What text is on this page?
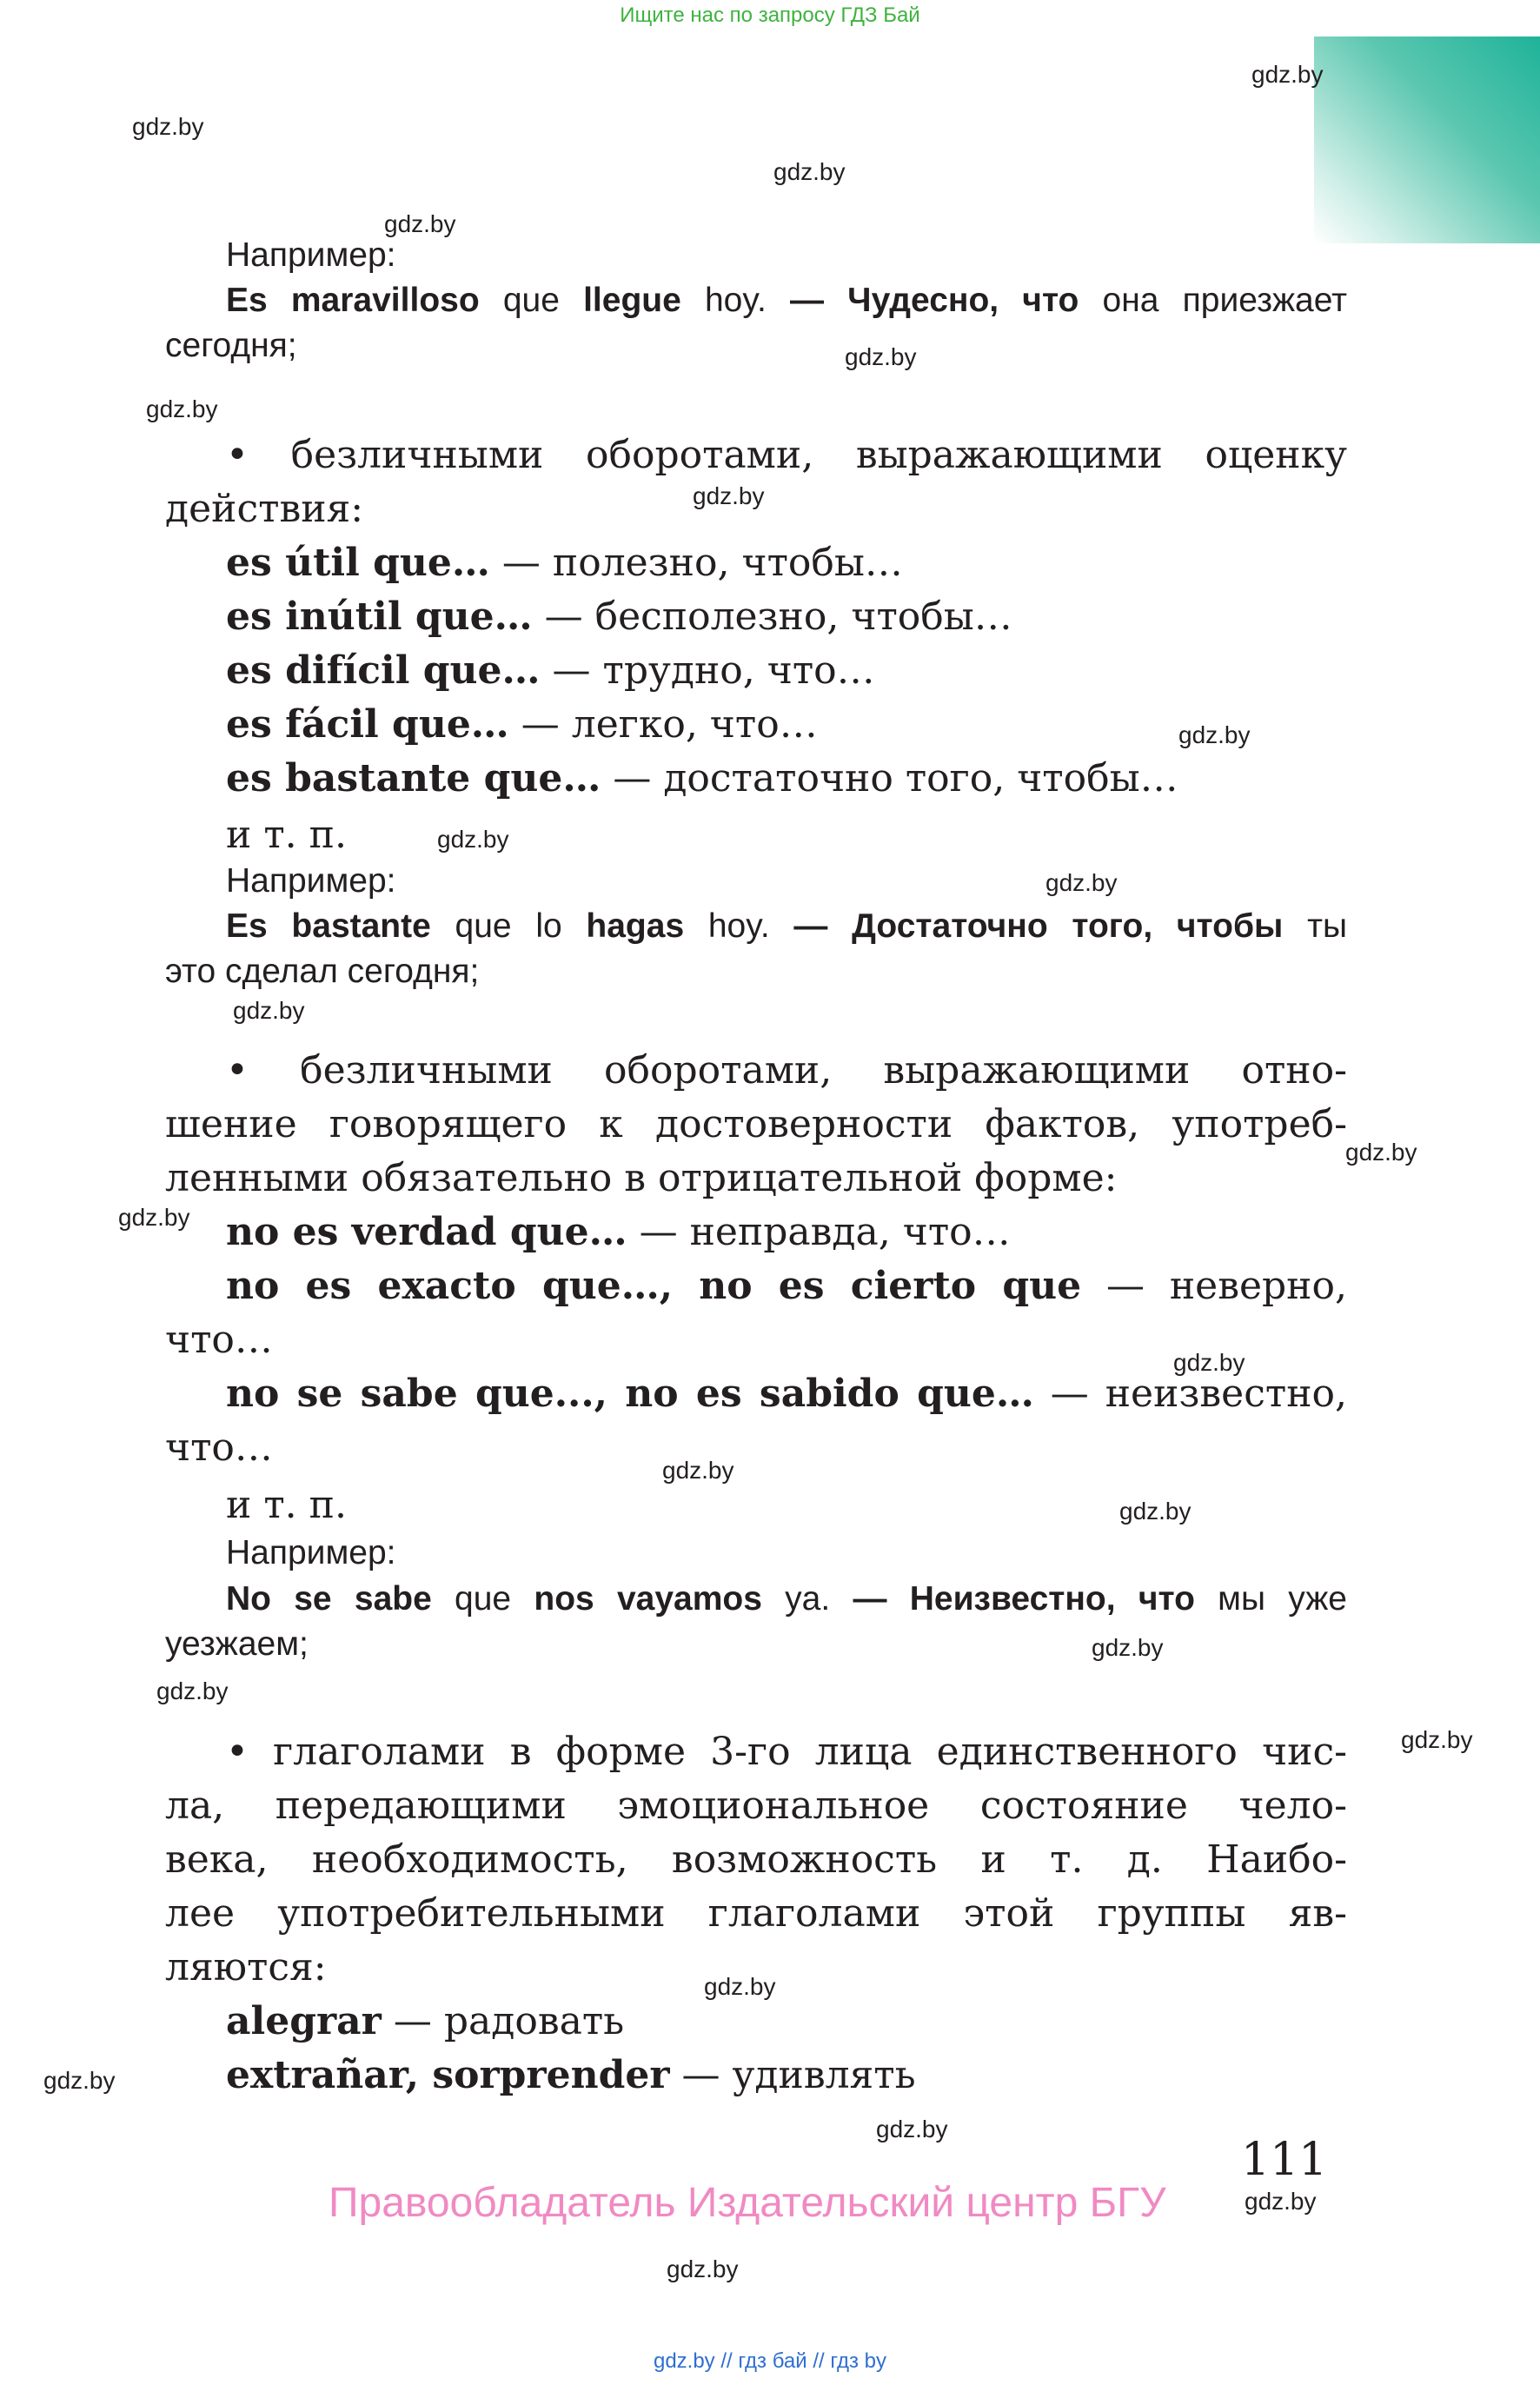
Ищите нас по запросу ГДЗ Бай
gdz.by
gdz.by
gdz.by
gdz.by
gdz.by
gdz.by
gdz.by
gdz.by
gdz.by
gdz.by
gdz.by
gdz.by
gdz.by
gdz.by
gdz.by
gdz.by
gdz.by
gdz.by
gdz.by
gdz.by
gdz.by
gdz.by
gdz.by
gdz.by
Например:
Es maravilloso que llegue hoy. — Чудесно, что она приезжает
сегодня;
• безличными оборотами, выражающими оценку
действия:
es útil que… — полезно, чтобы…
es inútil que… — бесполезно, чтобы…
es difícil que… — трудно, что…
es fácil que… — легко, что…
es bastante que… — достаточно того, чтобы…
и т. п.
Например:
Es bastante que lo hagas hoy. — Достаточно того, чтобы ты
это сделал сегодня;
• безличными оборотами, выражающими отно-
шение говорящего к достоверности фактов, употреб-
ленными обязательно в отрицательной форме:
no es verdad que… — неправда, что…
no es exacto que…, no es cierto que — неверно,
что…
no se sabe que..., no es sabido que… — неизвестно,
что…
и т. п.
Например:
No se sabe que nos vayamos ya. — Неизвестно, что мы уже
уезжаем;
• глаголами в форме 3-го лица единственного чис-
ла, передающими эмоциональное состояние чело-
века, необходимость, возможность и т. д. Наибо-
лее употребительными глаголами этой группы яв-
ляются:
alegrar — радовать
extrañar, sorprender — удивлять
111
Правообладатель Издательский центр БГУ
gdz.by // гдз бай // гдз by
